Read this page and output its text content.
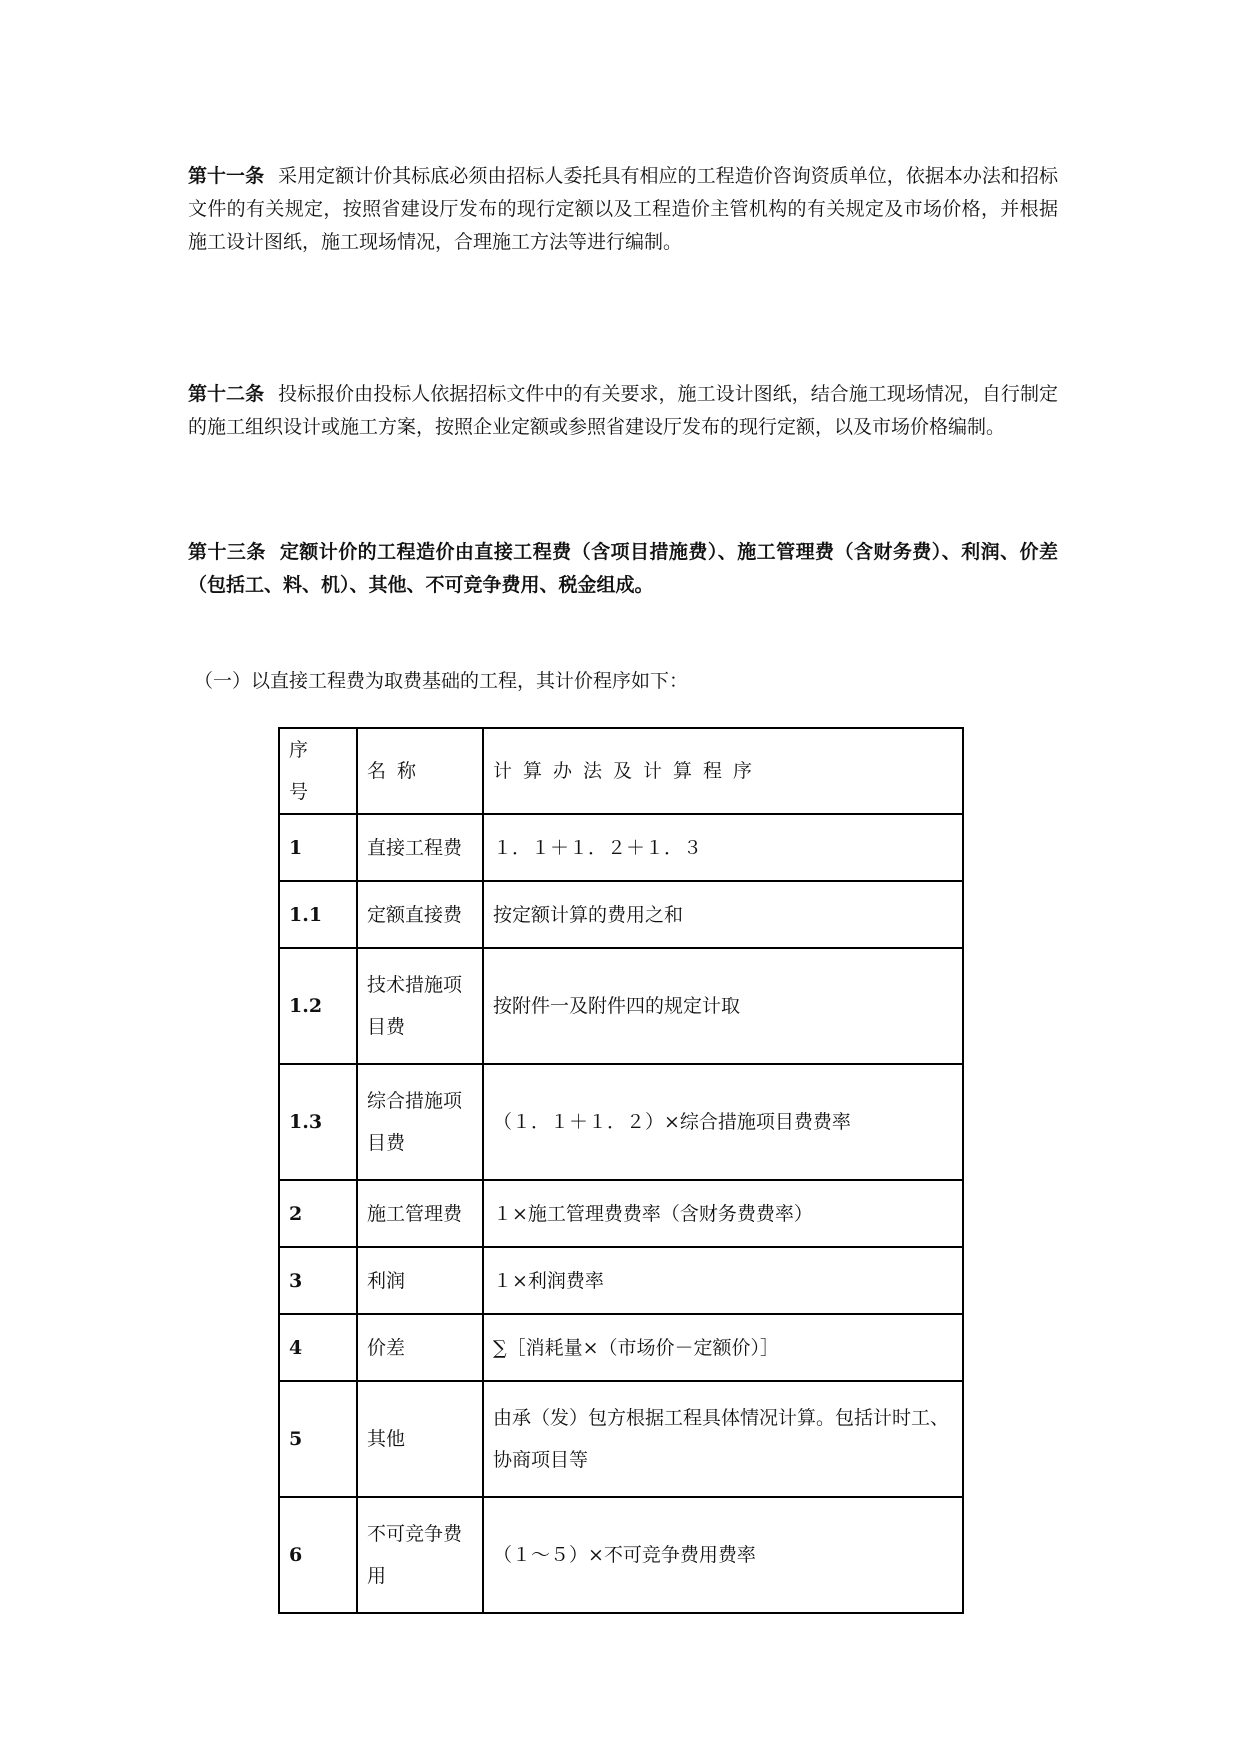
第十一条 采用定额计价其标底必须由招标人委托具有相应的工程造价咨询资质单位，依据本办法和招标文件的有关规定，按照省建设厅发布的现行定额以及工程造价主管机构的有关规定及市场价格，并根据施工设计图纸，施工现场情况，合理施工方法等进行编制。

第十二条 投标报价由投标人依据招标文件中的有关要求，施工设计图纸，结合施工现场情况，自行制定的施工组织设计或施工方案，按照企业定额或参照省建设厅发布的现行定额，以及市场价格编制。

第十三条 定额计价的工程造价由直接工程费（含项目措施费）、施工管理费（含财务费）、利润、价差（包括工、料、机）、其他、不可竞争费用、税金组成。

（一）以直接工程费为取费基础的工程，其计价程序如下：
序号	名称	计算办法及计算程序
1	直接工程费	１．１＋１．２＋１．３
1.1	定额直接费	按定额计算的费用之和
1.2	技术措施项目费	按附件一及附件四的规定计取
1.3	综合措施项目费	（１．１＋１．２）×综合措施项目费费率
2	施工管理费	１×施工管理费费率（含财务费费率）
3	利润	１×利润费率
4	价差	∑［消耗量×（市场价－定额价）］
5	其他	由承（发）包方根据工程具体情况计算。包括计时工、协商项目等
6	不可竞争费用	（１～５）×不可竞争费用费率
